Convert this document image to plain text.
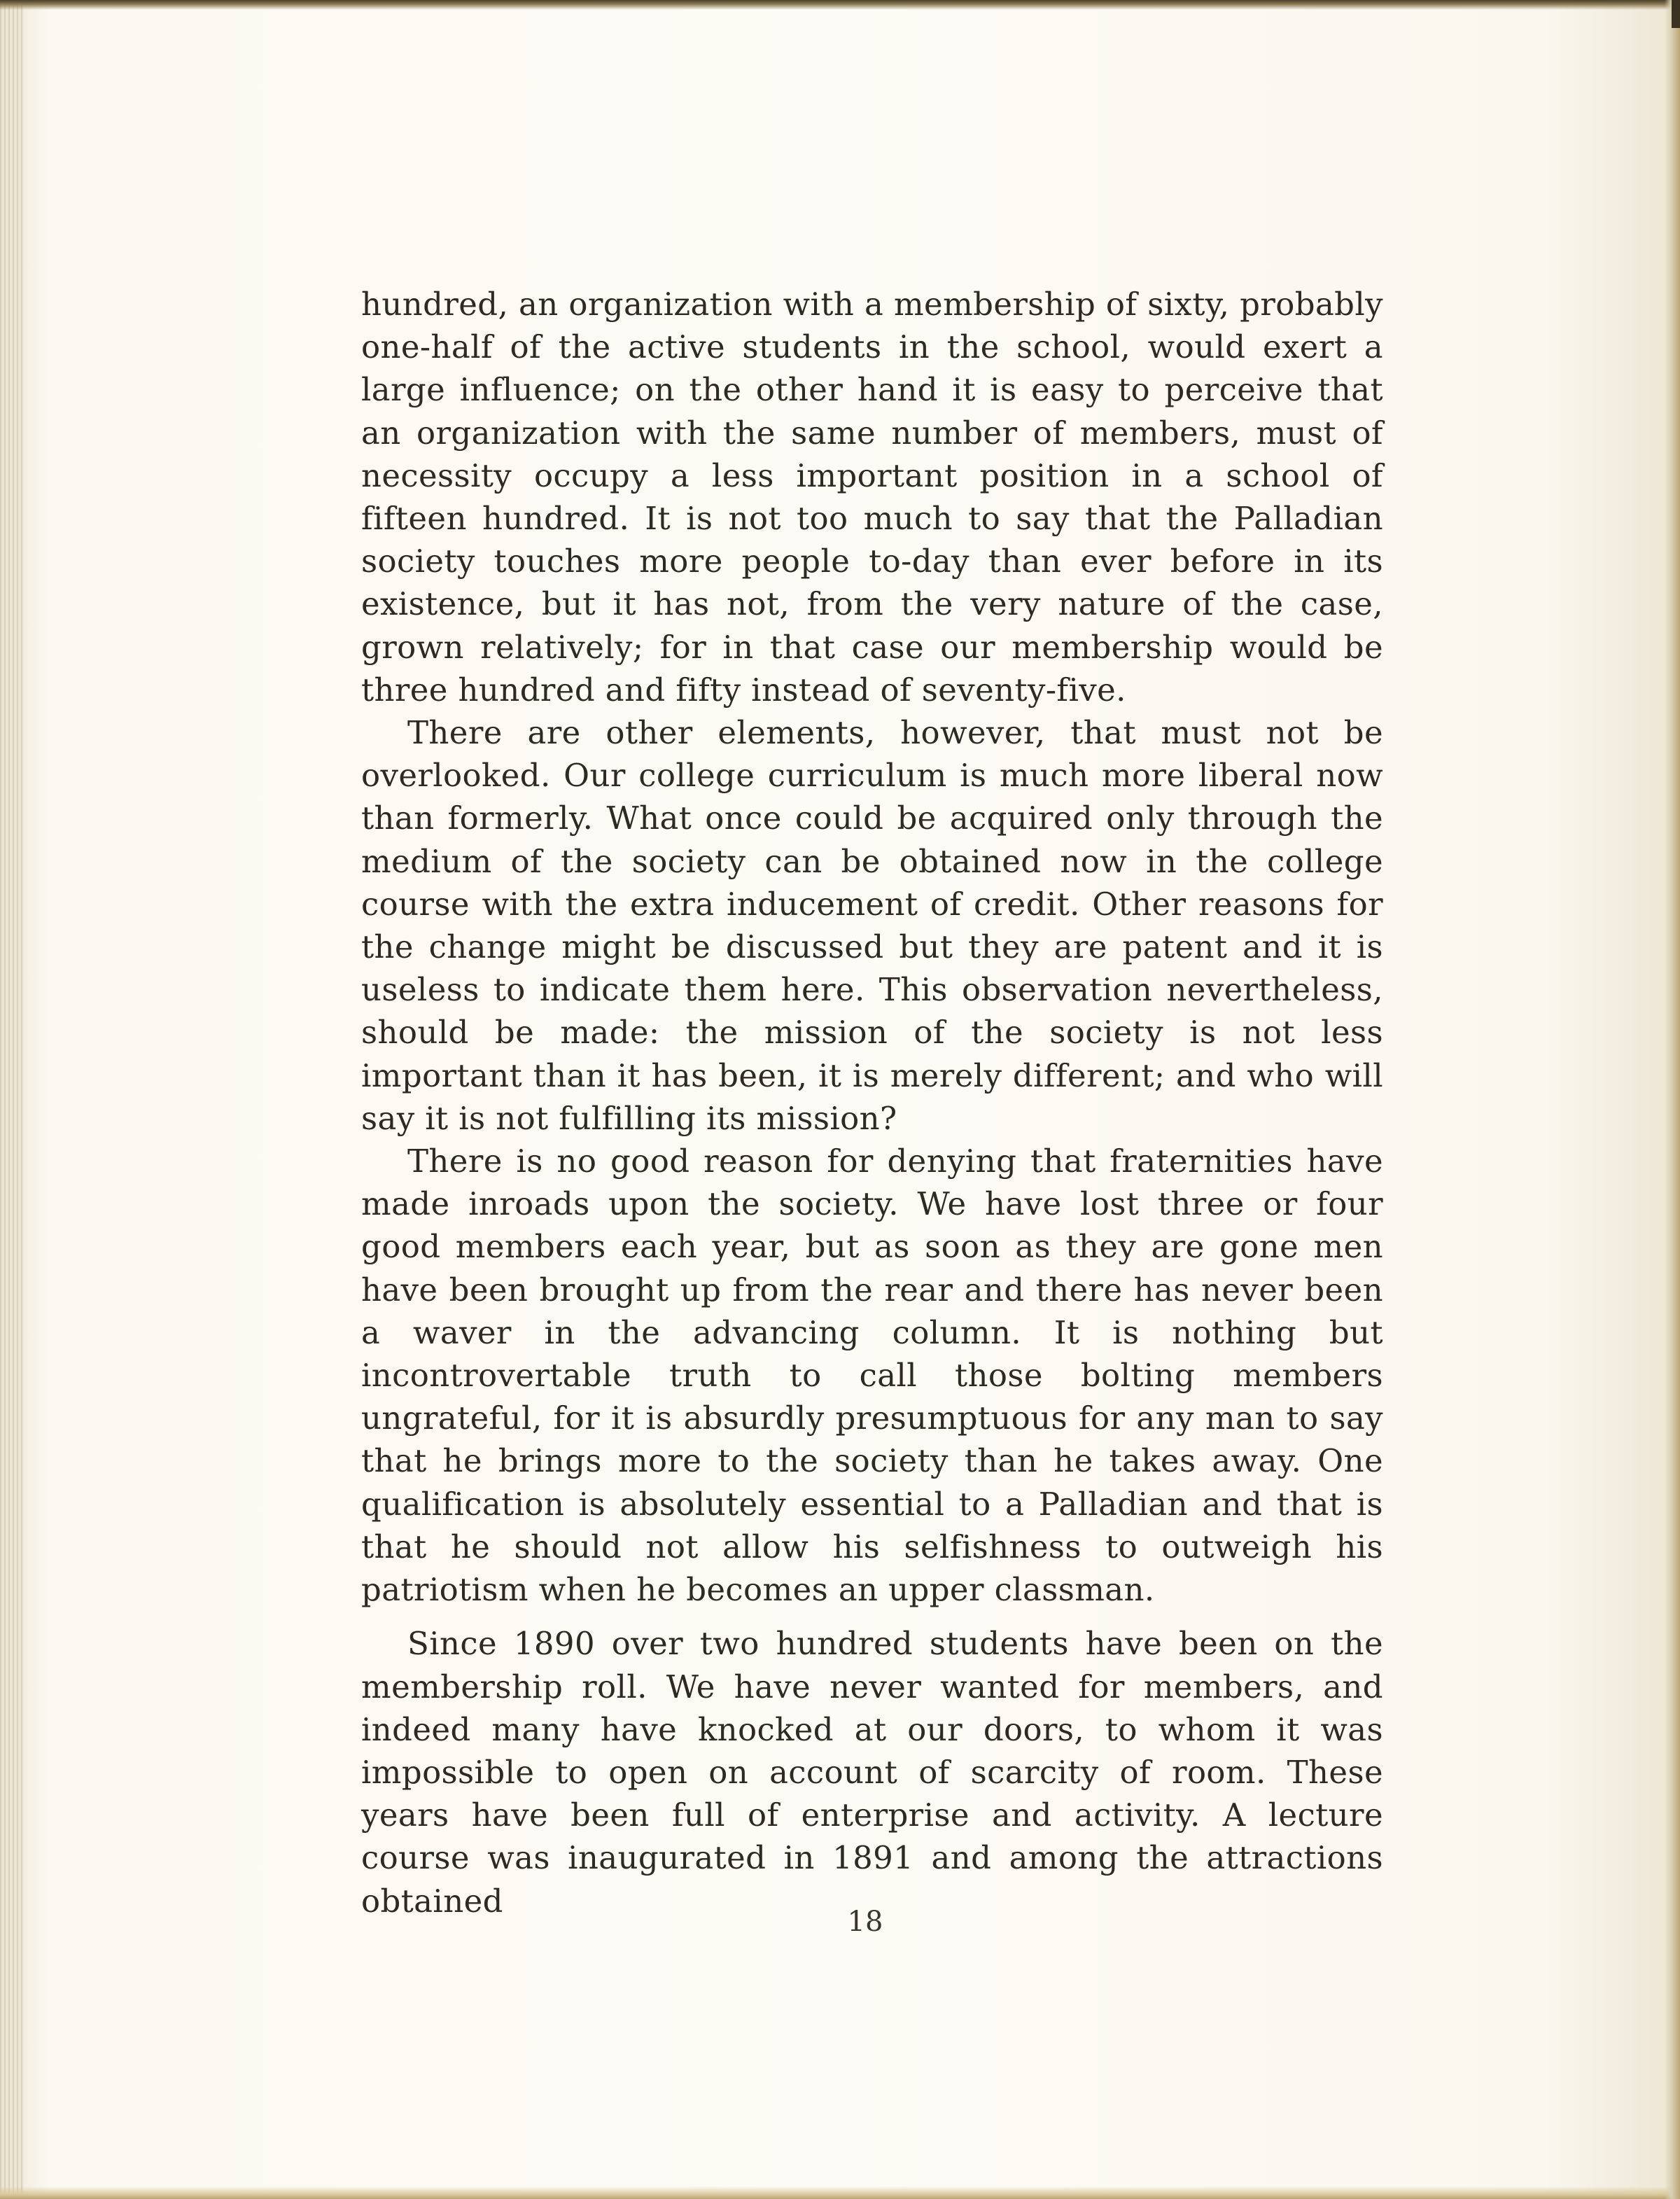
hundred, an organization with a membership of sixty, probably one-half of the active students in the school, would exert a large influence; on the other hand it is easy to perceive that an organization with the same number of members, must of necessity occupy a less important position in a school of fifteen hundred. It is not too much to say that the Palladian society touches more people to-day than ever before in its existence, but it has not, from the very nature of the case, grown relatively; for in that case our membership would be three hundred and fifty instead of seventy-five.

There are other elements, however, that must not be overlooked. Our college curriculum is much more liberal now than formerly. What once could be acquired only through the medium of the society can be obtained now in the college course with the extra inducement of credit. Other reasons for the change might be discussed but they are patent and it is useless to indicate them here. This observation nevertheless, should be made: the mission of the society is not less important than it has been, it is merely different; and who will say it is not fulfilling its mission?

There is no good reason for denying that fraternities have made inroads upon the society. We have lost three or four good members each year, but as soon as they are gone men have been brought up from the rear and there has never been a waver in the advancing column. It is nothing but incontrovertable truth to call those bolting members ungrateful, for it is absurdly presumptuous for any man to say that he brings more to the society than he takes away. One qualification is absolutely essential to a Palladian and that is that he should not allow his selfishness to outweigh his patriotism when he becomes an upper classman.

Since 1890 over two hundred students have been on the membership roll. We have never wanted for members, and indeed many have knocked at our doors, to whom it was impossible to open on account of scarcity of room. These years have been full of enterprise and activity. A lecture course was inaugurated in 1891 and among the attractions obtained

18
